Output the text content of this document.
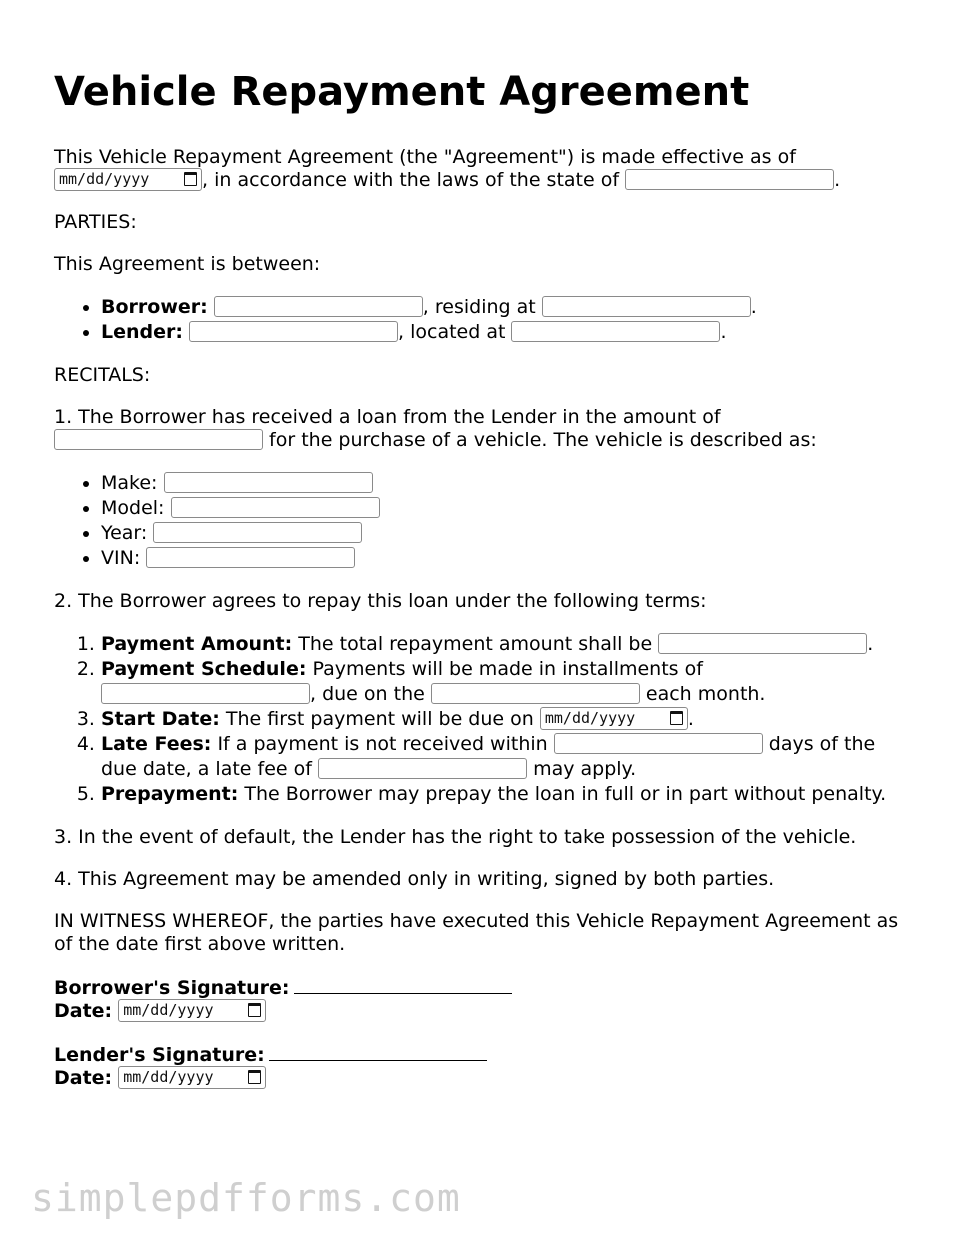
Vehicle Repayment Agreement

This Vehicle Repayment Agreement (the "Agreement") is made effective as of

mm/dd/yyyy	, in accordance with the laws of the state of	.

PARTIES:

This Agreement is between:

• Borrower:	, residing at	.
• Lender:	, located at	.

RECITALS:

1. The Borrower has received a loan from the Lender in the amount of
for the purchase of a vehicle. The vehicle is described as:

• Make:
• Model:
• Year:
• VIN:

2. The Borrower agrees to repay this loan under the following terms:

1. Payment Amount: The total repayment amount shall be	.
2. Payment Schedule: Payments will be made in installments of
, due on the	each month.
3. Start Date: The first payment will be due on mm/dd/yyyy	.
4. Late Fees: If a payment is not received within	days of the due date, a late fee of	may apply.
5. Prepayment: The Borrower may prepay the loan in full or in part without penalty.

3. In the event of default, the Lender has the right to take possession of the vehicle.

4. This Agreement may be amended only in writing, signed by both parties.

IN WITNESS WHEREOF, the parties have executed this Vehicle Repayment Agreement as of the date first above written.

Borrower's Signature:
Date: mm/dd/yyyy
Lender's Signature:
Date: mm/dd/yyyy
simplepdfforms.com
